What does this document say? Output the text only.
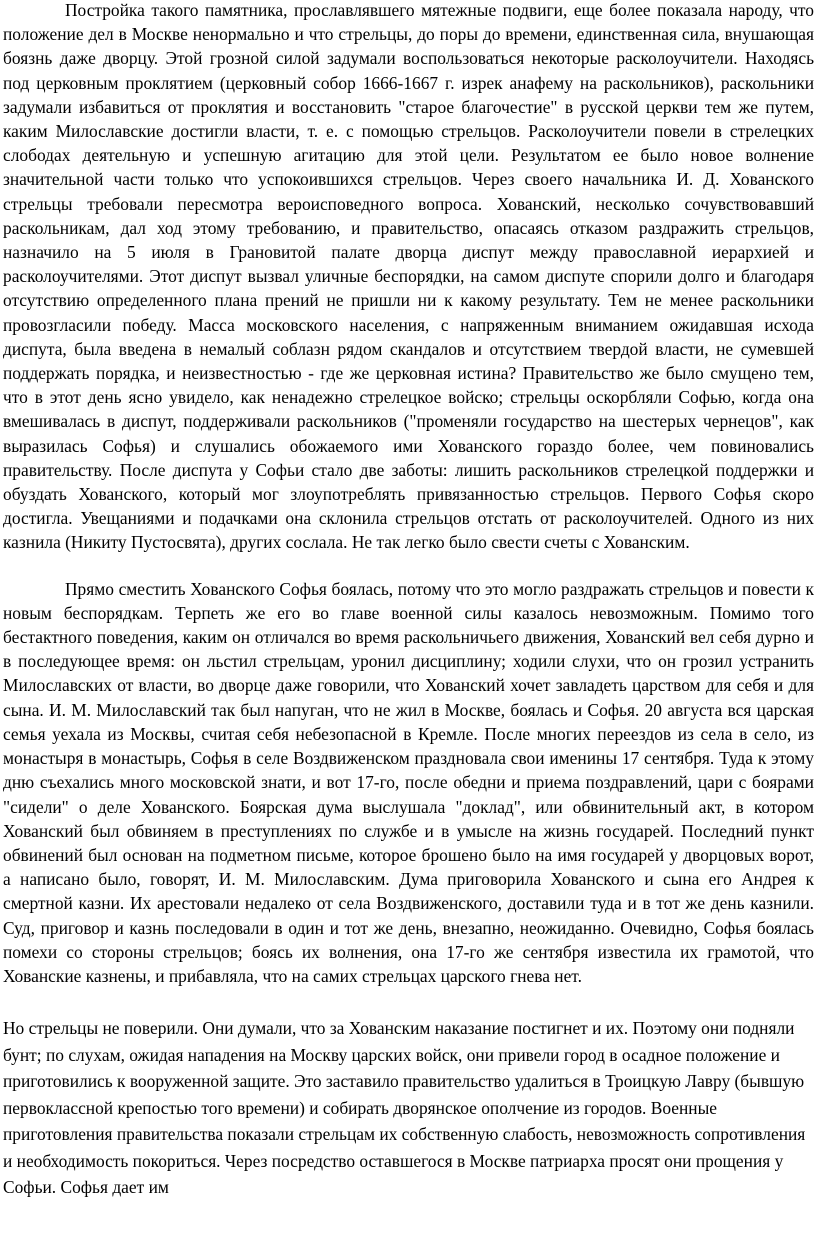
Постройка такого памятника, прославлявшего мятежные подвиги, еще более показала народу, что положение дел в Москве ненормально и что стрельцы, до поры до времени, единственная сила, внушающая боязнь даже дворцу. Этой грозной силой задумали воспользоваться некоторые расколоучители. Находясь под церковным проклятием (церковный собор 1666-1667 г. изрек анафему на раскольников), раскольники задумали избавиться от проклятия и восстановить "старое благочестие" в русской церкви тем же путем, каким Милославские достигли власти, т. е. с помощью стрельцов. Расколоучители повели в стрелецких слободах деятельную и успешную агитацию для этой цели. Результатом ее было новое волнение значительной части только что успокоившихся стрельцов. Через своего начальника И. Д. Хованского стрельцы требовали пересмотра вероисповедного вопроса. Хованский, несколько сочувствовавший раскольникам, дал ход этому требованию, и правительство, опасаясь отказом раздражить стрельцов, назначило на 5 июля в Грановитой палате дворца диспут между православной иерархией и расколоучителями. Этот диспут вызвал уличные беспорядки, на самом диспуте спорили долго и благодаря отсутствию определенного плана прений не пришли ни к какому результату. Тем не менее раскольники провозгласили победу. Масса московского населения, с напряженным вниманием ожидавшая исхода диспута, была введена в немалый соблазн рядом скандалов и отсутствием твердой власти, не сумевшей поддержать порядка, и неизвестностью - где же церковная истина? Правительство же было смущено тем, что в этот день ясно увидело, как ненадежно стрелецкое войско; стрельцы оскорбляли Софью, когда она вмешивалась в диспут, поддерживали раскольников ("променяли государство на шестерых чернецов", как выразилась Софья) и слушались обожаемого ими Хованского гораздо более, чем повиновались правительству. После диспута у Софьи стало две заботы: лишить раскольников стрелецкой поддержки и обуздать Хованского, который мог злоупотреблять привязанностью стрельцов. Первого Софья скоро достигла. Увещаниями и подачками она склонила стрельцов отстать от расколоучителей. Одного из них казнила (Никиту Пустосвята), других сослала. Не так легко было свести счеты с Хованским.

Прямо сместить Хованского Софья боялась, потому что это могло раздражать стрельцов и повести к новым беспорядкам. Терпеть же его во главе военной силы казалось невозможным. Помимо того бестактного поведения, каким он отличался во время раскольничьего движения, Хованский вел себя дурно и в последующее время: он льстил стрельцам, уронил дисциплину; ходили слухи, что он грозил устранить Милославских от власти, во дворце даже говорили, что Хованский хочет завладеть царством для себя и для сына. И. М. Милославский так был напуган, что не жил в Москве, боялась и Софья. 20 августа вся царская семья уехала из Москвы, считая себя небезопасной в Кремле. После многих переездов из села в село, из монастыря в монастырь, Софья в селе Воздвиженском праздновала свои именины 17 сентября. Туда к этому дню съехались много московской знати, и вот 17-го, после обедни и приема поздравлений, цари с боярами "сидели" о деле Хованского. Боярская дума выслушала "доклад", или обвинительный акт, в котором Хованский был обвиняем в преступлениях по службе и в умысле на жизнь государей. Последний пункт обвинений был основан на подметном письме, которое брошено было на имя государей у дворцовых ворот, а написано было, говорят, И. М. Милославским. Дума приговорила Хованского и сына его Андрея к смертной казни. Их арестовали недалеко от села Воздвиженского, доставили туда и в тот же день казнили. Суд, приговор и казнь последовали в один и тот же день, внезапно, неожиданно. Очевидно, Софья боялась помехи со стороны стрельцов; боясь их волнения, она 17-го же сентября известила их грамотой, что Хованские казнены, и прибавляла, что на самих стрельцах царского гнева нет.

Но стрельцы не поверили. Они думали, что за Хованским наказание постигнет и их. Поэтому они подняли бунт; по слухам, ожидая нападения на Москву царских войск, они привели город в осадное положение и приготовились к вооруженной защите. Это заставило правительство удалиться в Троицкую Лавру (бывшую первоклассной крепостью того времени) и собирать дворянское ополчение из городов. Военные приготовления правительства показали стрельцам их собственную слабость, невозможность сопротивления и необходимость покориться. Через посредство оставшегося в Москве патриарха просят они прощения у Софьи. Софья дает им
